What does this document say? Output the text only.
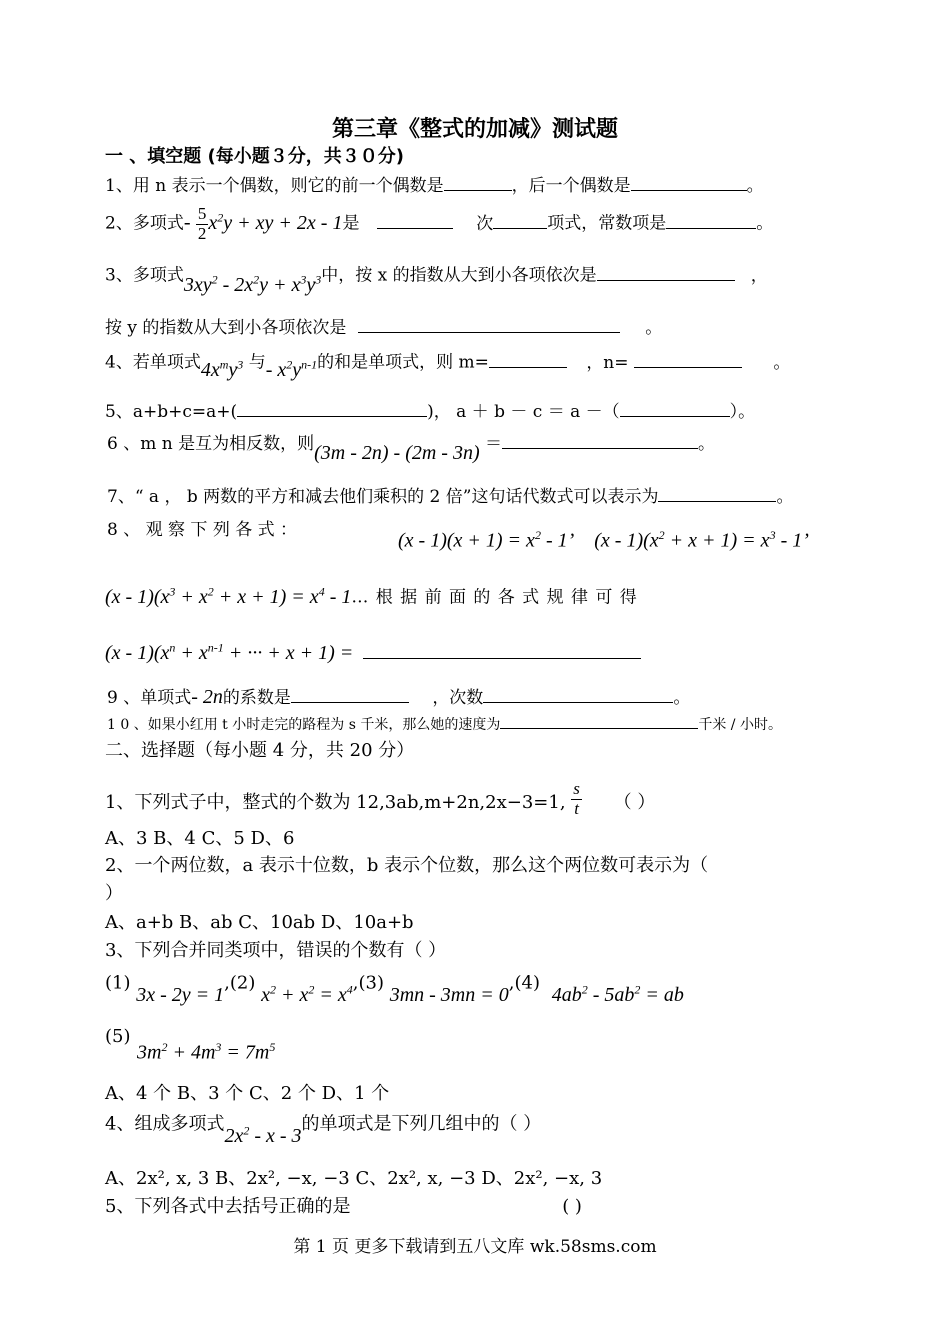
第三章《整式的加减》测试题
一 、填空题 (每小题３分，共３０分)
1、用 n 表示一个偶数，则它的前一个偶数是	，后一个偶数是	。
2、多项式- $\frac{5}{2} x^2y$ + xy + 2x - 1是	次	项式，常数项是	。
3、多项式$3xy^2 - 2x^2y + x^3y^3$中，按 x 的指数从大到小各项依次是	，
按 y 的指数从大到小各项依次是	。
4、若单项式$4x^my^3$ 与- $x^2y^{n-1}$的和是单项式，则 m=	，n=	。
5、a+b+c=a+(	)， a ＋ b － c ＝ a －（	）。
6 、m n 是互为相反数，则(3m - 2n) - (2m - 3n) ＝	。
7、“ a ， b 两数的平方和减去他们乘积的 2 倍”这句话代数式可以表示为	。
8 、 观 察 下 列 各 式 ：	$(x - 1)(x + 1) = x^2 - 1$’    $(x - 1)(x^2 + x + 1) = x^3 - 1$’
$(x - 1)(x^3 + x^2 + x + 1) = x^4$ - 1… 根 据 前 面 的 各 式 规 律 可 得
$(x - 1)(x^n + x^{n-1}$ + ··· + x + 1) =
9 、单项式- 2n的系数是	，次数	。
1 0 、如果小红用 t 小时走完的路程为 s 千米，那么她的速度为	千米 / 小时。
二、选择题（每小题 4 分，共 20 分）
1、下列式子中，整式的个数为 12,3ab,m+2n,2x−3=1, $\frac{s}{t}$ （ ）
A、3 B、4 C、5 D、6
2、一个两位数，a 表示十位数，b 表示个位数，那么这个两位数可表示为（
）
A、a+b B、ab C、10ab D、10a+b
3、下列合并同类项中，错误的个数有（ ）
(1) 3x - 2y = 1,(2) $x^2 + x^2 = x^4,(3)$ 3mn - 3mn = 0,(4) $4ab^2 - 5ab^2$ = ab
(5)
$3m^2 + 4m^3 = 7m^5$
A、4 个 B、3 个 C、2 个 D、1 个
4、组成多项式$2x^2$ - x - 3的单项式是下列几组中的（ ）
A、2x², x, 3 B、2x², −x, −3 C、2x², x, −3 D、2x², −x, 3
5、下列各式中去括号正确的是	( )
第 1 页 更多下载请到五八文库 wk.58sms.com
